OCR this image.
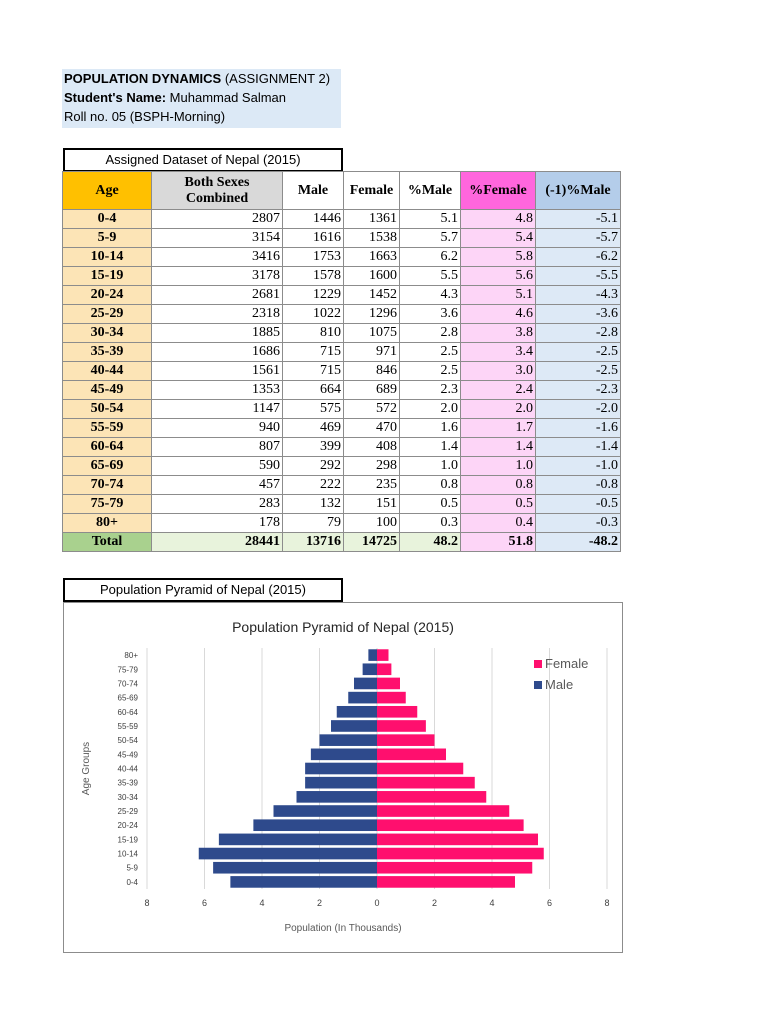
POPULATION DYNAMICS (ASSIGNMENT 2)
Student's Name: Muhammad Salman
Roll no. 05 (BSPH-Morning)
Assigned Dataset of Nepal (2015)
Age	Both Sexes Combined	Male	Female	%Male	%Female	(-1)%Male
0-4	2807	1446	1361	5.1	4.8	-5.1
5-9	3154	1616	1538	5.7	5.4	-5.7
10-14	3416	1753	1663	6.2	5.8	-6.2
15-19	3178	1578	1600	5.5	5.6	-5.5
20-24	2681	1229	1452	4.3	5.1	-4.3
25-29	2318	1022	1296	3.6	4.6	-3.6
30-34	1885	810	1075	2.8	3.8	-2.8
35-39	1686	715	971	2.5	3.4	-2.5
40-44	1561	715	846	2.5	3.0	-2.5
45-49	1353	664	689	2.3	2.4	-2.3
50-54	1147	575	572	2.0	2.0	-2.0
55-59	940	469	470	1.6	1.7	-1.6
60-64	807	399	408	1.4	1.4	-1.4
65-69	590	292	298	1.0	1.0	-1.0
70-74	457	222	235	0.8	0.8	-0.8
75-79	283	132	151	0.5	0.5	-0.5
80+	178	79	100	0.3	0.4	-0.3
Total	28441	13716	14725	48.2	51.8	-48.2
Population Pyramid of Nepal (2015)
Population Pyramid of Nepal (2015)
8	6	4	2	0	2	4	6	8
0-4
5-9
10-14
15-19
20-24
25-29
30-34
35-39
40-44
45-49
50-54
55-59
60-64
65-69
70-74
75-79
80+
Population (In Thousands)
Age Groups
Female
Male
